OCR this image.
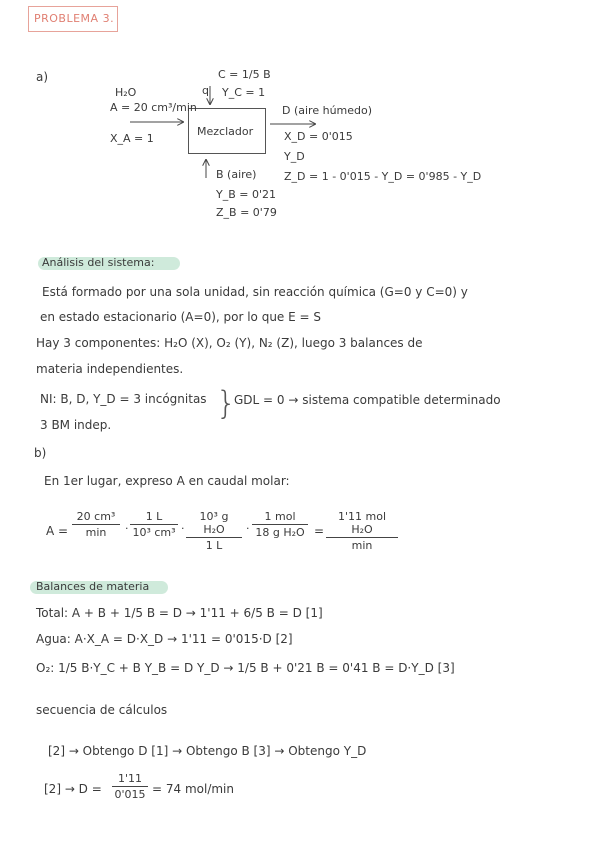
PROBLEMA 3.
a)
Mezclador
q
C = 1/5 B
Y_C = 1
H₂O
A = 20 cm³/min
X_A = 1
D (aire húmedo)
X_D = 0'015
Y_D
Z_D = 1 - 0'015 - Y_D = 0'985 - Y_D
B (aire)
Y_B = 0'21
Z_B = 0'79
Análisis del sistema:
Está formado por una sola unidad, sin reacción química (G=0 y C=0) y
en estado estacionario (A=0), por lo que E = S
Hay 3 componentes: H₂O (X), O₂ (Y), N₂ (Z), luego 3 balances de
materia independientes.
NI: B, D, Y_D = 3 incógnitas
3 BM indep.
}
GDL = 0 → sistema compatible determinado
b)
En 1er lugar, expreso A en caudal molar:
A =
20 cm³
min	· $\frac{1 L}{\text{10³ cm³}} \cdot \frac{\text{10³ g H₂O}}{1 L}$ ·
1 mol
18 g H₂O =
1'11 mol H₂O
min
Balances de materia
Total: A + B + 1/5 B = D → 1'11 + 6/5 B = D [1]
Agua: A·X_A = D·X_D → 1'11 = 0'015·D [2]
O₂: 1/5 B·Y_C + B Y_B = D Y_D → 1/5 B + 0'21 B = 0'41 B = D·Y_D [3]
secuencia de cálculos
[2] → Obtengo D [1] → Obtengo B [3] → Obtengo Y_D
$[2] \to D = \frac{1'11}{0'015} = 74$ mol/min
